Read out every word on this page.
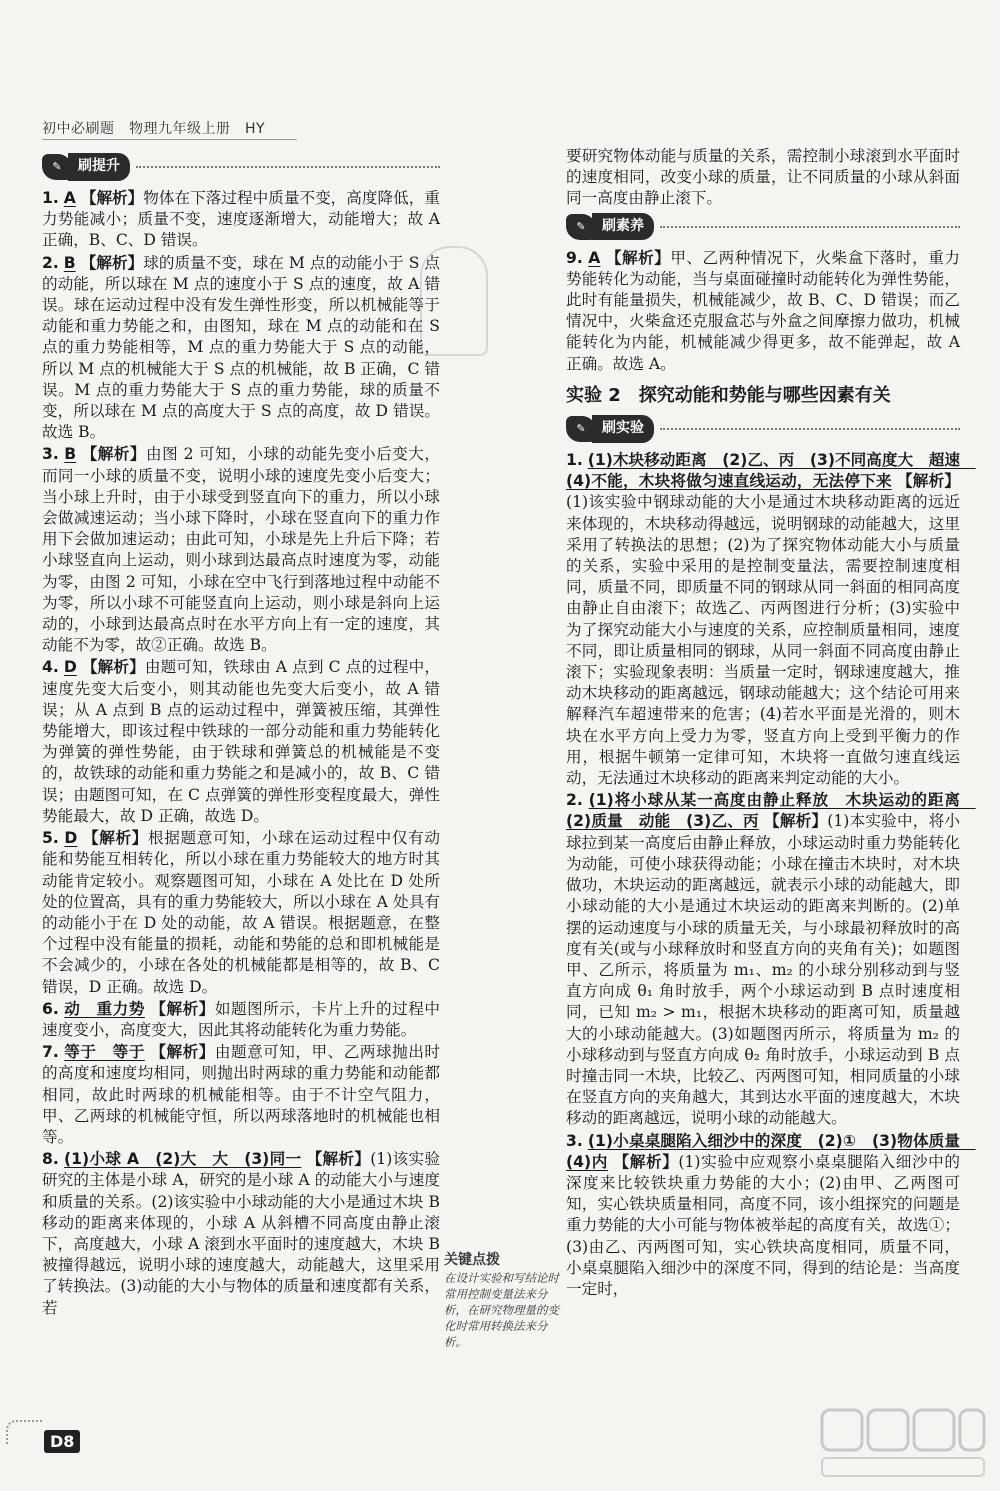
初中必刷题　物理九年级上册　HY
✎	刷提升
1. A 【解析】物体在下落过程中质量不变，高度降低，重力势能减小；质量不变，速度逐渐增大，动能增大；故 A 正确，B、C、D 错误。
2. B 【解析】球的质量不变，球在 M 点的动能小于 S 点的动能，所以球在 M 点的速度小于 S 点的速度，故 A 错误。球在运动过程中没有发生弹性形变，所以机械能等于动能和重力势能之和，由图知，球在 M 点的动能和在 S 点的重力势能相等，M 点的重力势能大于 S 点的动能，所以 M 点的机械能大于 S 点的机械能，故 B 正确，C 错误。M 点的重力势能大于 S 点的重力势能，球的质量不变，所以球在 M 点的高度大于 S 点的高度，故 D 错误。故选 B。
3. B 【解析】由图 2 可知，小球的动能先变小后变大，而同一小球的质量不变，说明小球的速度先变小后变大；当小球上升时，由于小球受到竖直向下的重力，所以小球会做减速运动；当小球下降时，小球在竖直向下的重力作用下会做加速运动；由此可知，小球是先上升后下降；若小球竖直向上运动，则小球到达最高点时速度为零，动能为零，由图 2 可知，小球在空中飞行到落地过程中动能不为零，所以小球不可能竖直向上运动，则小球是斜向上运动的，小球到达最高点时在水平方向上有一定的速度，其动能不为零，故②正确。故选 B。
4. D 【解析】由题可知，铁球由 A 点到 C 点的过程中，速度先变大后变小，则其动能也先变大后变小，故 A 错误；从 A 点到 B 点的运动过程中，弹簧被压缩，其弹性势能增大，即该过程中铁球的一部分动能和重力势能转化为弹簧的弹性势能，由于铁球和弹簧总的机械能是不变的，故铁球的动能和重力势能之和是减小的，故 B、C 错误；由题图可知，在 C 点弹簧的弹性形变程度最大，弹性势能最大，故 D 正确，故选 D。
5. D 【解析】根据题意可知，小球在运动过程中仅有动能和势能互相转化，所以小球在重力势能较大的地方时其动能肯定较小。观察题图可知，小球在 A 处比在 D 处所处的位置高，具有的重力势能较大，所以小球在 A 处具有的动能小于在 D 处的动能，故 A 错误。根据题意，在整个过程中没有能量的损耗，动能和势能的总和即机械能是不会减少的，小球在各处的机械能都是相等的，故 B、C 错误，D 正确。故选 D。
6. 动　重力势 【解析】如题图所示，卡片上升的过程中速度变小，高度变大，因此其将动能转化为重力势能。
7. 等于　等于 【解析】由题意可知，甲、乙两球抛出时的高度和速度均相同，则抛出时两球的重力势能和动能都相同，故此时两球的机械能相等。由于不计空气阻力，甲、乙两球的机械能守恒，所以两球落地时的机械能也相等。
8. (1)小球 A　(2)大　大　(3)同一 【解析】(1)该实验研究的主体是小球 A，研究的是小球 A 的动能大小与速度和质量的关系。(2)该实验中小球动能的大小是通过木块 B 移动的距离来体现的，小球 A 从斜槽不同高度由静止滚下，高度越大，小球 A 滚到水平面时的速度越大，木块 B 被撞得越远，说明小球的速度越大，动能越大，这里采用了转换法。(3)动能的大小与物体的质量和速度都有关系，若
关键点拨
在设计实验和写结论时常用控制变量法来分析，在研究物理量的变化时常用转换法来分析。
要研究物体动能与质量的关系，需控制小球滚到水平面时的速度相同，改变小球的质量，让不同质量的小球从斜面同一高度由静止滚下。
✎	刷素养
9. A 【解析】甲、乙两种情况下，火柴盒下落时，重力势能转化为动能，当与桌面碰撞时动能转化为弹性势能，此时有能量损失，机械能减少，故 B、C、D 错误；而乙情况中，火柴盒还克服盒芯与外盒之间摩擦力做功，机械能转化为内能，机械能减少得更多，故不能弹起，故 A 正确。故选 A。
实验 2　探究动能和势能与哪些因素有关
✎	刷实验
1. (1)木块移动距离　(2)乙、丙　(3)不同高度大　超速　(4)不能，木块将做匀速直线运动，无法停下来 【解析】(1)该实验中钢球动能的大小是通过木块移动距离的远近来体现的，木块移动得越远，说明钢球的动能越大，这里采用了转换法的思想；(2)为了探究物体动能大小与质量的关系，实验中采用的是控制变量法，需要控制速度相同，质量不同，即质量不同的钢球从同一斜面的相同高度由静止自由滚下；故选乙、丙两图进行分析；(3)实验中为了探究动能大小与速度的关系，应控制质量相同，速度不同，即让质量相同的钢球，从同一斜面不同高度由静止滚下；实验现象表明：当质量一定时，钢球速度越大，推动木块移动的距离越远，钢球动能越大；这个结论可用来解释汽车超速带来的危害；(4)若水平面是光滑的，则木块在水平方向上受力为零，竖直方向上受到平衡力的作用，根据牛顿第一定律可知，木块将一直做匀速直线运动，无法通过木块移动的距离来判定动能的大小。
2. (1)将小球从某一高度由静止释放　木块运动的距离　(2)质量　动能　(3)乙、丙 【解析】(1)本实验中，将小球拉到某一高度后由静止释放，小球运动时重力势能转化为动能，可使小球获得动能；小球在撞击木块时，对木块做功，木块运动的距离越远，就表示小球的动能越大，即小球动能的大小是通过木块运动的距离来判断的。(2)单摆的运动速度与小球的质量无关，与小球最初释放时的高度有关(或与小球释放时和竖直方向的夹角有关)；如题图甲、乙所示，将质量为 m₁、m₂ 的小球分别移动到与竖直方向成 θ₁ 角时放手，两个小球运动到 B 点时速度相同，已知 m₂ > m₁，根据木块移动的距离可知，质量越大的小球动能越大。(3)如题图丙所示，将质量为 m₂ 的小球移动到与竖直方向成 θ₂ 角时放手，小球运动到 B 点时撞击同一木块，比较乙、丙两图可知，相同质量的小球在竖直方向的夹角越大，其到达水平面的速度越大，木块移动的距离越远，说明小球的动能越大。
3. (1)小桌桌腿陷入细沙中的深度　(2)①　(3)物体质量　(4)内 【解析】(1)实验中应观察小桌桌腿陷入细沙中的深度来比较铁块重力势能的大小；(2)由甲、乙两图可知，实心铁块质量相同，高度不同，该小组探究的问题是重力势能的大小可能与物体被举起的高度有关，故选①；(3)由乙、丙两图可知，实心铁块高度相同，质量不同，小桌桌腿陷入细沙中的深度不同，得到的结论是：当高度一定时，
D8
